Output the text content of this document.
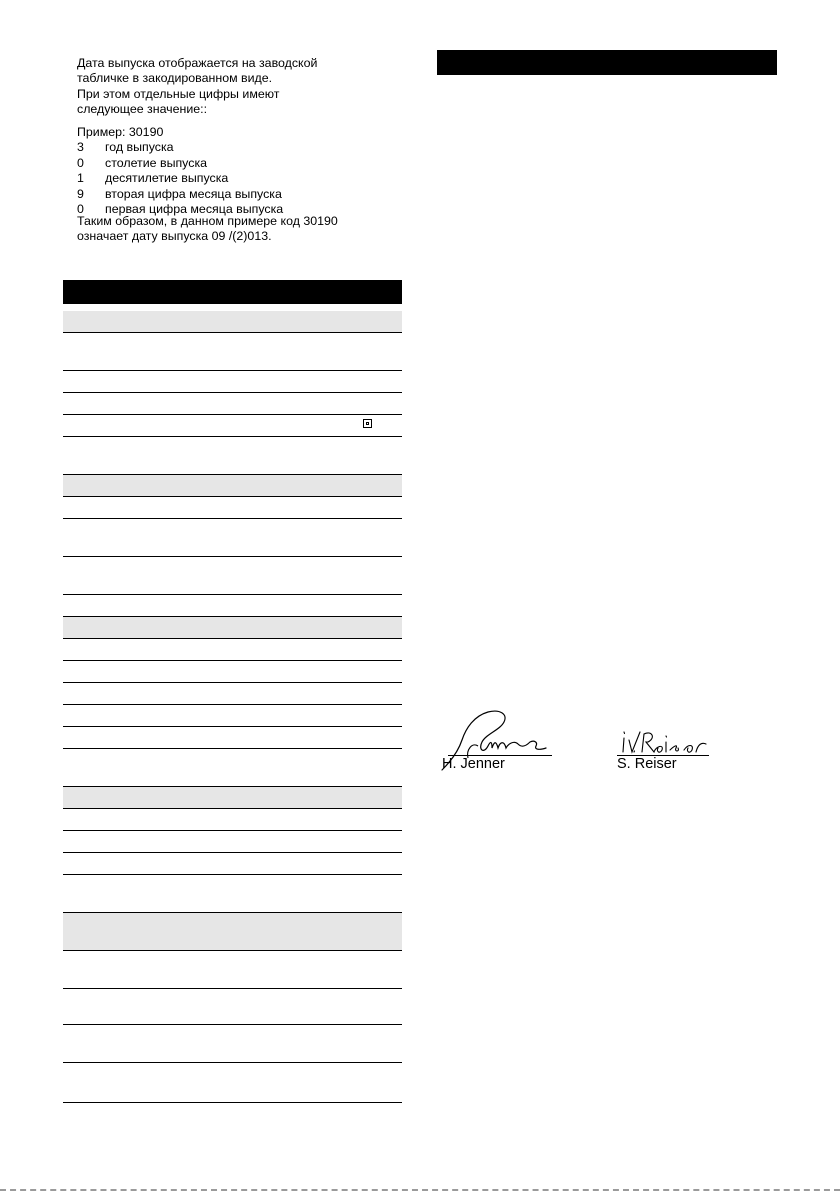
Дата выпуска отображается на заводской

табличке в закодированном виде.

При этом отдельные цифры имеют

следующее значение::

Пример: 30190

3	год выпуска
0	столетие выпуска
1	десятилетие выпуска
9	вторая цифра месяца выпуска
0	первая цифра месяца выпуска

Таким образом, в данном примере код 30190

означает дату выпуска 09 /(2)013.

H. Jenner	S. Reiser
